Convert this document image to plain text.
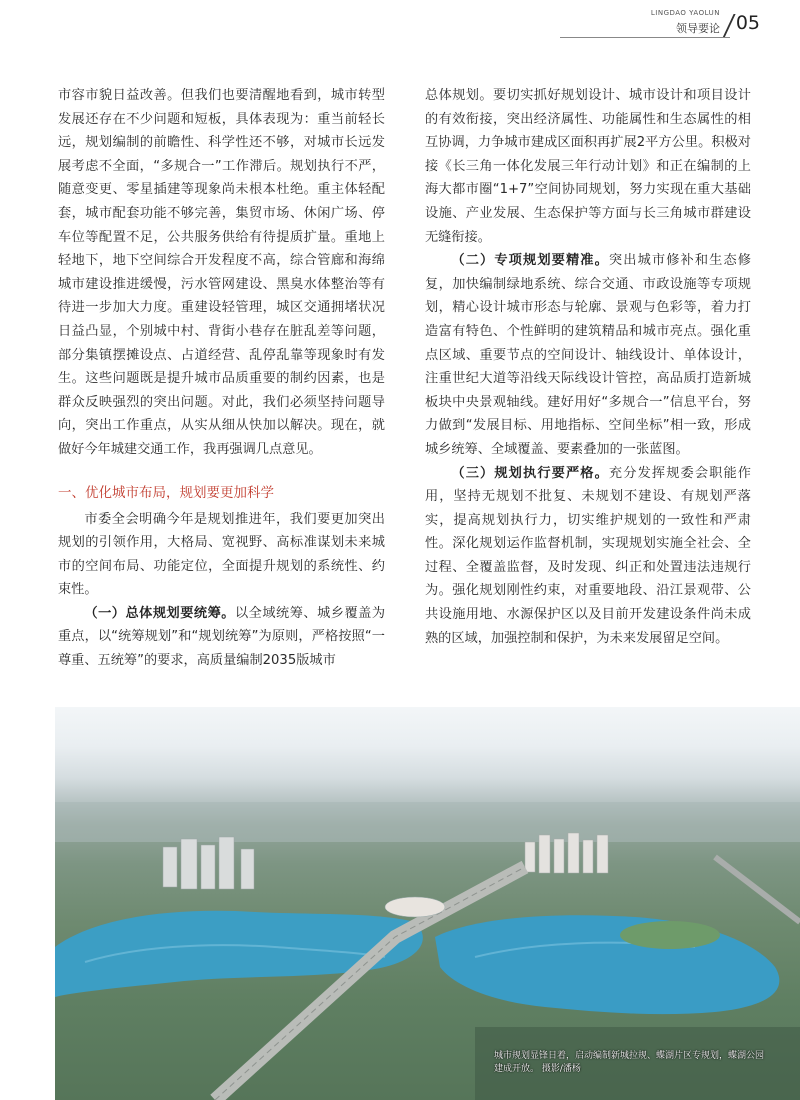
LINGDAO YAOLUN
领导要论 05

市容市貌日益改善。但我们也要清醒地看到，城市转型发展还存在不少问题和短板，具体表现为：重当前轻长远，规划编制的前瞻性、科学性还不够，对城市长远发展考虑不全面，“多规合一”工作滞后。规划执行不严，随意变更、零星插建等现象尚未根本杜绝。重主体轻配套，城市配套功能不够完善，集贸市场、休闲广场、停车位等配置不足，公共服务供给有待提质扩量。重地上轻地下，地下空间综合开发程度不高，综合管廊和海绵城市建设推进缓慢，污水管网建设、黑臭水体整治等有待进一步加大力度。重建设轻管理，城区交通拥堵状况日益凸显，个别城中村、背街小巷存在脏乱差等问题，部分集镇摆摊设点、占道经营、乱停乱靠等现象时有发生。这些问题既是提升城市品质重要的制约因素，也是群众反映强烈的突出问题。对此，我们必须坚持问题导向，突出工作重点，从实从细从快加以解决。现在，就做好今年城建交通工作，我再强调几点意见。

一、优化城市布局，规划要更加科学

市委全会明确今年是规划推进年，我们要更加突出规划的引领作用，大格局、宽视野、高标准谋划未来城市的空间布局、功能定位，全面提升规划的系统性、约束性。

（一）总体规划要统筹。以全域统筹、城乡覆盖为重点，以“统筹规划”和“规划统筹”为原则，严格按照“一尊重、五统筹”的要求，高质量编制2035版城市

总体规划。要切实抓好规划设计、城市设计和项目设计的有效衔接，突出经济属性、功能属性和生态属性的相互协调，力争城市建成区面积再扩展2平方公里。积极对接《长三角一体化发展三年行动计划》和正在编制的上海大都市圈“1+7”空间协同规划，努力实现在重大基础设施、产业发展、生态保护等方面与长三角城市群建设无缝衔接。

（二）专项规划要精准。突出城市修补和生态修复，加快编制绿地系统、综合交通、市政设施等专项规划，精心设计城市形态与轮廓、景观与色彩等，着力打造富有特色、个性鲜明的建筑精品和城市亮点。强化重点区域、重要节点的空间设计、轴线设计、单体设计，注重世纪大道等沿线天际线设计管控，高品质打造新城板块中央景观轴线。建好用好“多规合一”信息平台，努力做到“发展目标、用地指标、空间坐标”相一致，形成城乡统筹、全域覆盖、要素叠加的一张蓝图。

（三）规划执行要严格。充分发挥规委会职能作用，坚持无规划不批复、未规划不建设、有规划严落实，提高规划执行力，切实维护规划的一致性和严肃性。深化规划运作监督机制，实现规划实施全社会、全过程、全覆盖监督，及时发现、纠正和处置违法违规行为。强化规划刚性约束，对重要地段、沿江景观带、公共设施用地、水源保护区以及目前开发建设条件尚未成熟的区域，加强控制和保护，为未来发展留足空间。

城市规划显锋日着，启动编制新城拉规、蝶湖片区专规划，蝶湖公园建成开放。 摄影/潘杨
